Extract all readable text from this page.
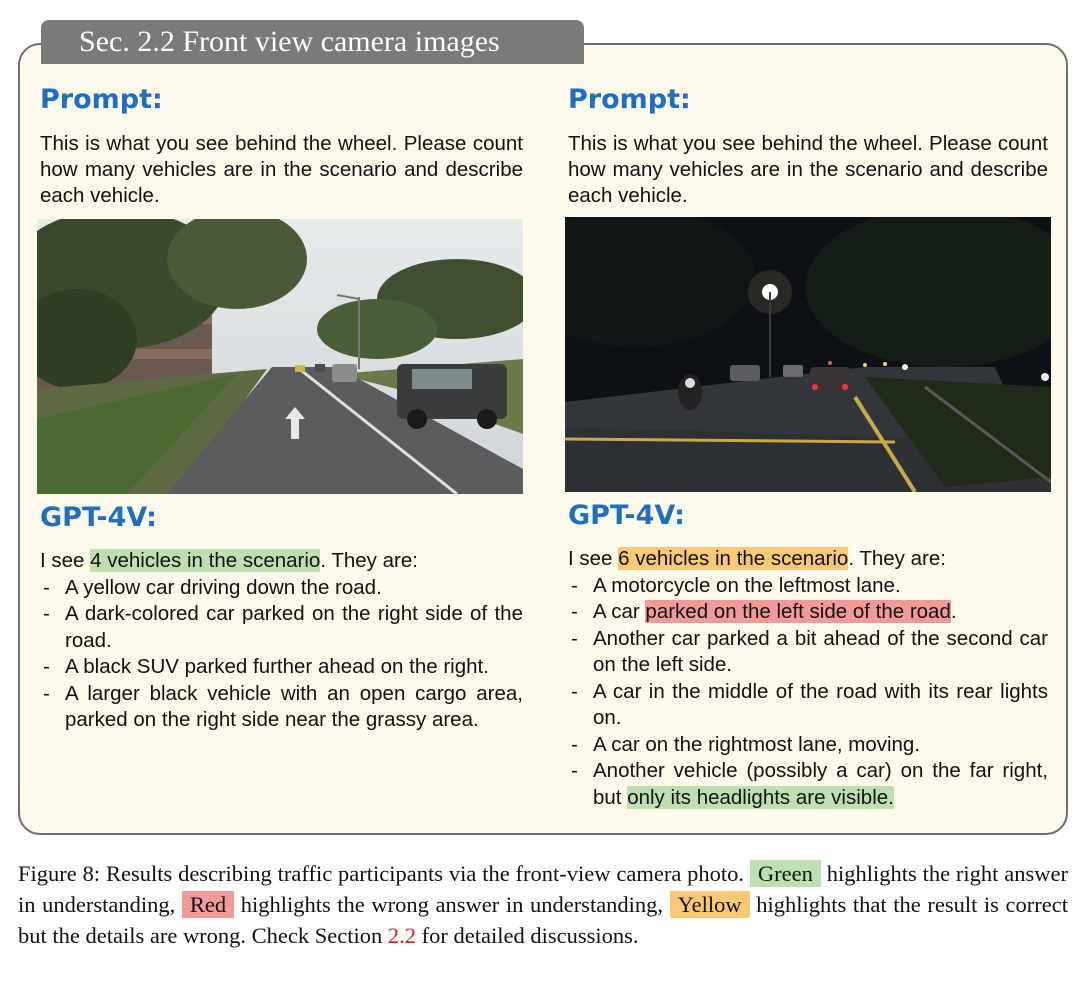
Sec. 2.2 Front view camera images
Prompt:

This is what you see behind the wheel. Please count how many vehicles are in the scenario and describe each vehicle.

GPT-4V:

I see 4 vehicles in the scenario. They are:

- A yellow car driving down the road.
- A dark-colored car parked on the right side of the road.
- A black SUV parked further ahead on the right.
- A larger black vehicle with an open cargo area, parked on the right side near the grassy area.
Prompt:

This is what you see behind the wheel. Please count how many vehicles are in the scenario and describe each vehicle.

GPT-4V:

I see 6 vehicles in the scenario. They are:

- A motorcycle on the leftmost lane.
- A car parked on the left side of the road.
- Another car parked a bit ahead of the second car on the left side.
- A car in the middle of the road with its rear lights on.
- A car on the rightmost lane, moving.
- Another vehicle (possibly a car) on the far right, but only its headlights are visible.

Figure 8: Results describing traffic participants via the front-view camera photo. Green highlights the right answer in understanding, Red highlights the wrong answer in understanding, Yellow highlights that the result is correct but the details are wrong. Check Section 2.2 for detailed discussions.
